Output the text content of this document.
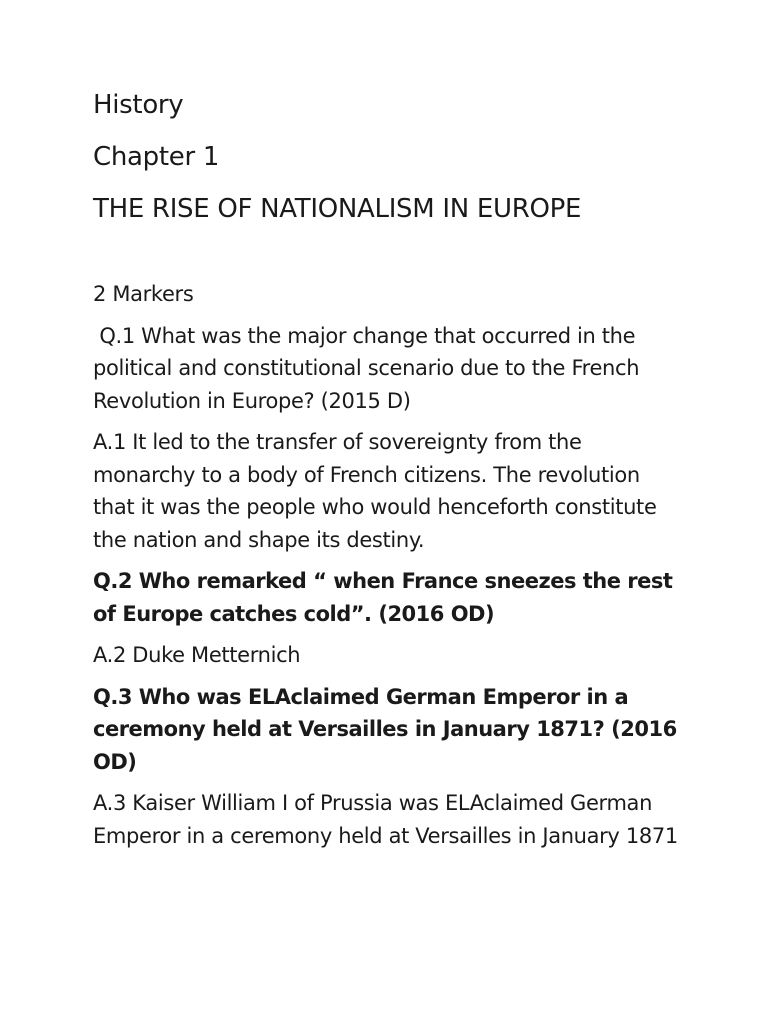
History
Chapter 1
THE RISE OF NATIONALISM IN EUROPE

2 Markers

Q.1 What was the major change that occurred in the political and constitutional scenario due to the French Revolution in Europe? (2015 D)

A.1 It led to the transfer of sovereignty from the monarchy to a body of French citizens. The revolution that it was the people who would henceforth constitute the nation and shape its destiny.

Q.2 Who remarked “ when France sneezes the rest of Europe catches cold”. (2016 OD)

A.2 Duke Metternich

Q.3 Who was ELAclaimed German Emperor in a ceremony held at Versailles in January 1871? (2016 OD)

A.3 Kaiser William I of Prussia was ELAclaimed German Emperor in a ceremony held at Versailles in January 1871
